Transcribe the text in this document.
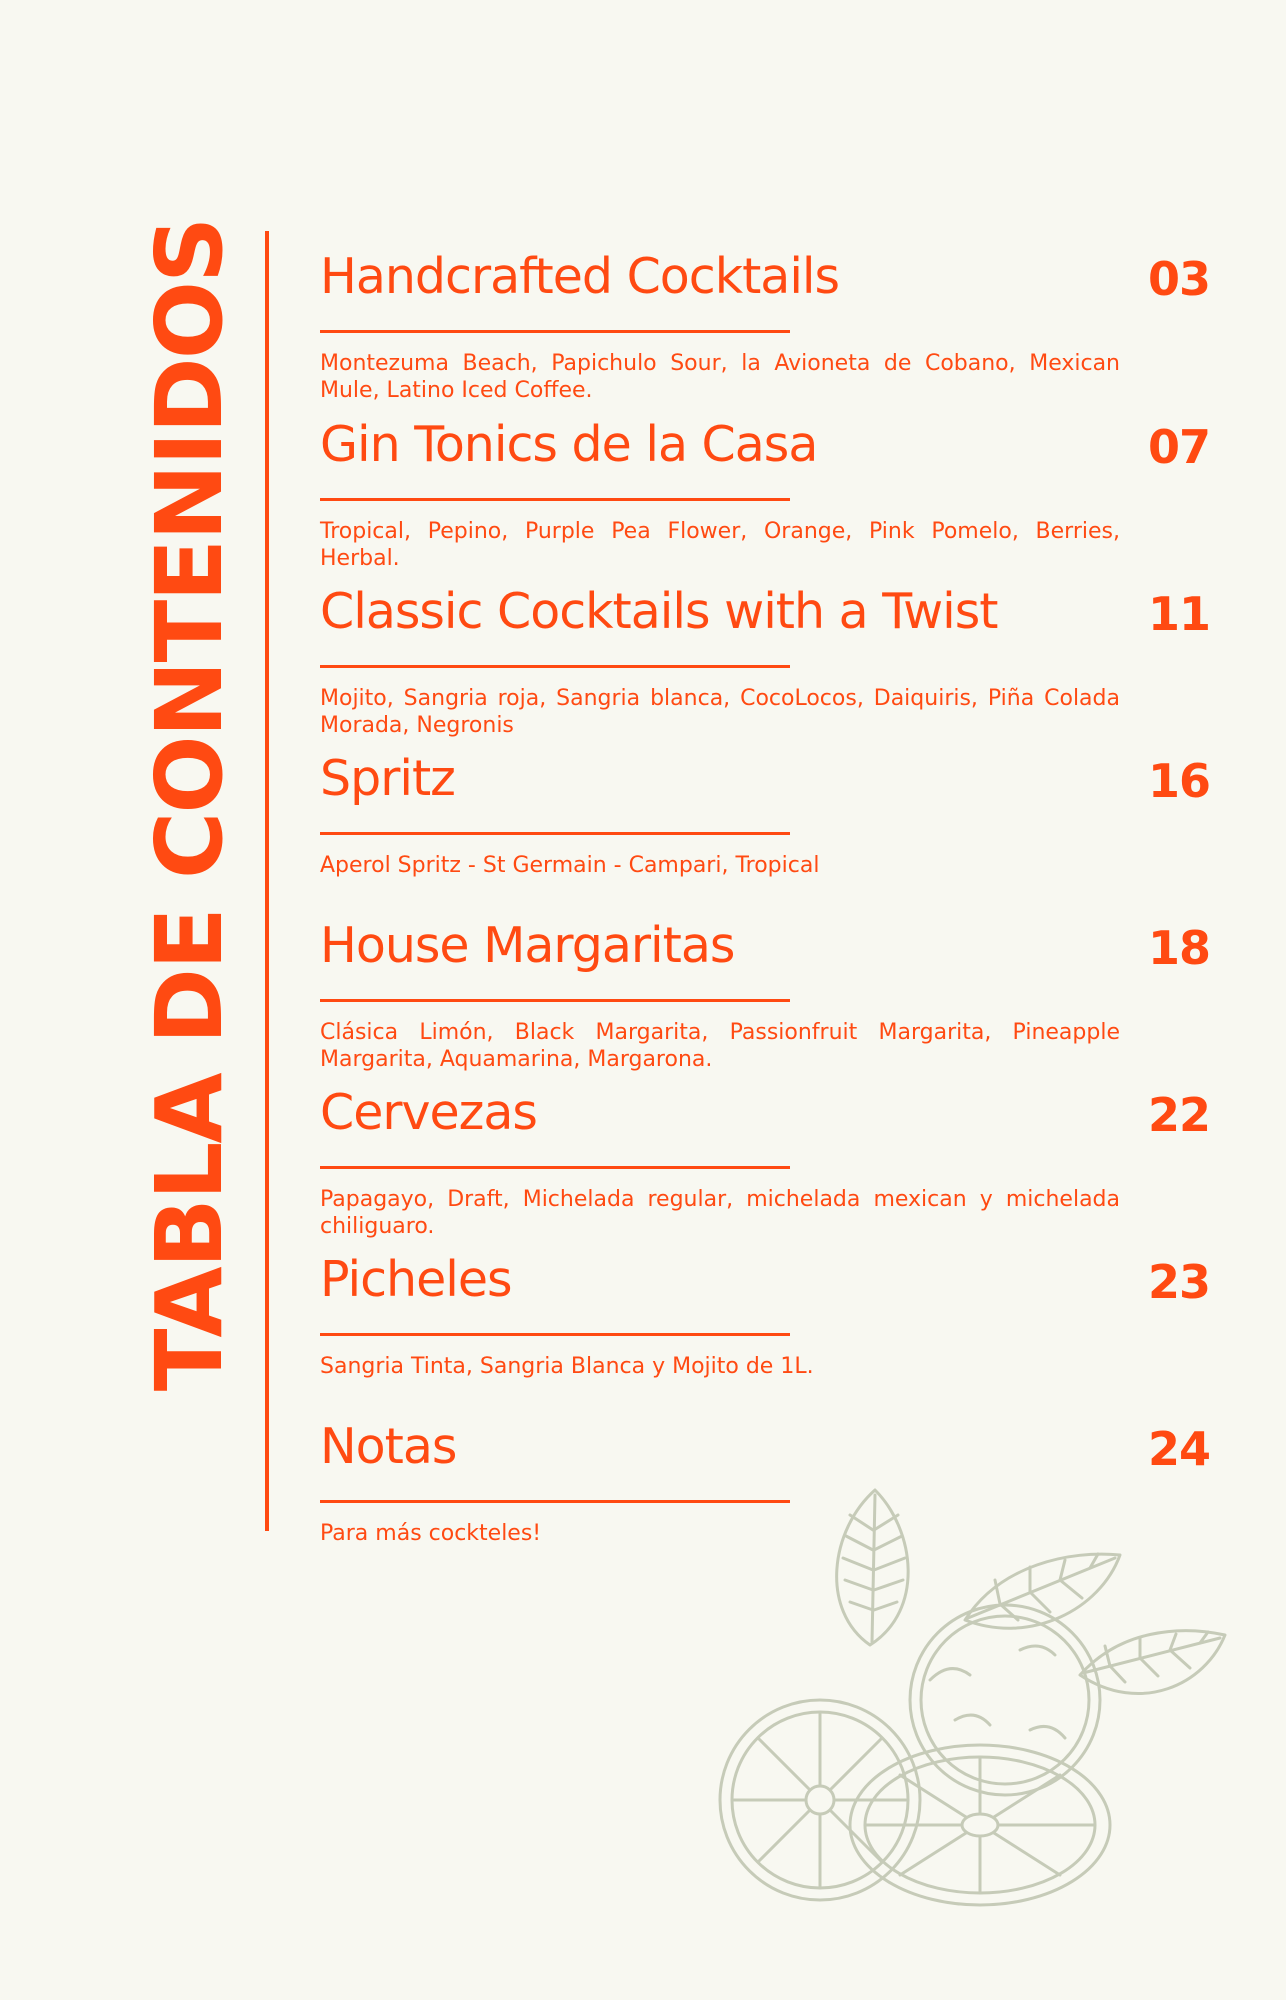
TABLA DE CONTENIDOS Handcrafted Cocktails	03
Montezuma Beach, Papichulo Sour, la Avioneta de Cobano, Mexican Mule, Latino Iced Coffee.
Gin Tonics de la Casa	07
Tropical, Pepino, Purple Pea Flower, Orange, Pink Pomelo, Berries, Herbal.
Classic Cocktails with a Twist	11
Mojito, Sangria roja, Sangria blanca, CocoLocos, Daiquiris, Piña Colada Morada, Negronis
Spritz	16
Aperol Spritz - St Germain - Campari, Tropical
House Margaritas	18
Clásica Limón, Black Margarita, Passionfruit Margarita, Pineapple Margarita, Aquamarina, Margarona.
Cervezas	22
Papagayo, Draft, Michelada regular, michelada mexican y michelada chiliguaro.
Picheles	23
Sangria Tinta, Sangria Blanca y Mojito de 1L.
Notas	24
Para más cockteles!
